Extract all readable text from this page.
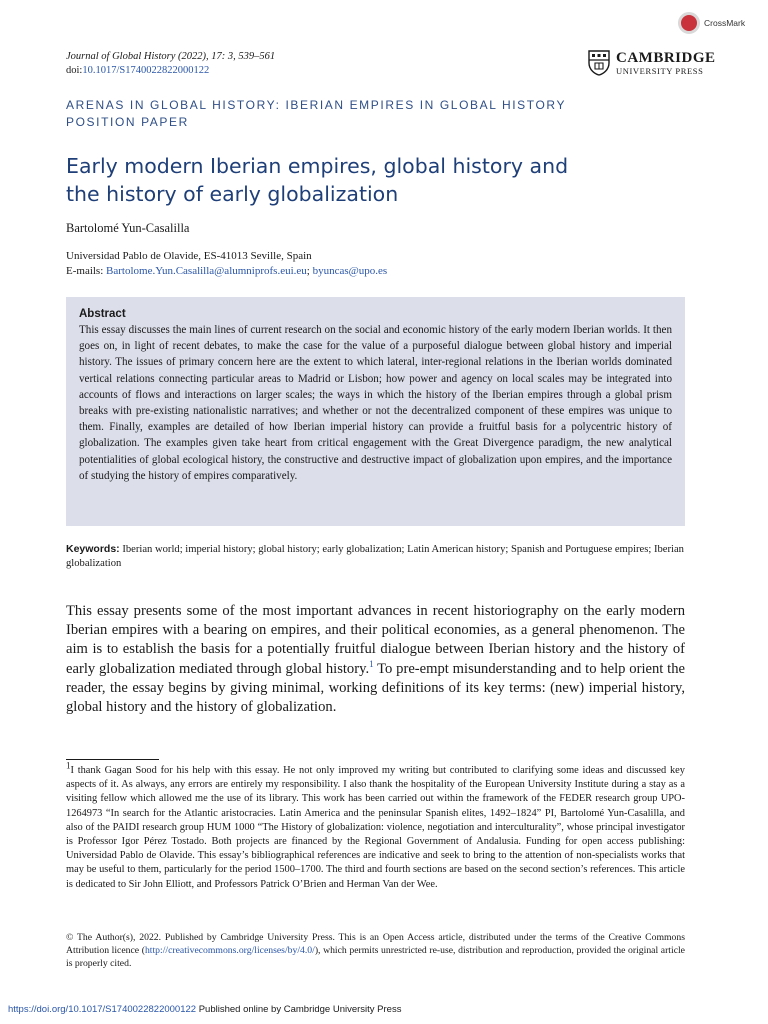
Journal of Global History (2022), 17: 3, 539–561
doi:10.1017/S1740022822000122
CrossMark
CAMBRIDGE
UNIVERSITY PRESS
ARENAS IN GLOBAL HISTORY: IBERIAN EMPIRES IN GLOBAL HISTORY
POSITION PAPER
Early modern Iberian empires, global history and
the history of early globalization
Bartolomé Yun-Casalilla
Universidad Pablo de Olavide, ES-41013 Seville, Spain
E-mails: Bartolome.Yun.Casalilla@alumniprofs.eui.eu; byuncas@upo.es
Abstract
This essay discusses the main lines of current research on the social and economic history of the early modern Iberian worlds. It then goes on, in light of recent debates, to make the case for the value of a purposeful dialogue between global history and imperial history. The issues of primary concern here are the extent to which lateral, inter-regional relations in the Iberian worlds dominated vertical relations connecting particular areas to Madrid or Lisbon; how power and agency on local scales may be integrated into accounts of flows and interactions on larger scales; the ways in which the history of the Iberian empires through a global prism breaks with pre-existing nationalistic narratives; and whether or not the decentralized component of these empires was unique to them. Finally, examples are detailed of how Iberian imperial history can provide a fruitful basis for a polycentric history of globalization. The examples given take heart from critical engagement with the Great Divergence paradigm, the new analytical potentialities of global ecological history, the constructive and destructive impact of globalization upon empires, and the importance of studying the history of empires comparatively.
Keywords: Iberian world; imperial history; global history; early globalization; Latin American history; Spanish and Portuguese empires; Iberian globalization

This essay presents some of the most important advances in recent historiography on the early modern Iberian empires with a bearing on empires, and their political economies, as a general phenomenon. The aim is to establish the basis for a potentially fruitful dialogue between Iberian history and the history of early globalization mediated through global history.$^1$ To pre-empt misunderstanding and to help orient the reader, the essay begins by giving minimal, working definitions of its key terms: (new) imperial history, global history and the history of globalization.

$^1$I thank Gagan Sood for his help with this essay. He not only improved my writing but contributed to clarifying some ideas and discussed key aspects of it. As always, any errors are entirely my responsibility. I also thank the hospitality of the European University Institute during a stay as a visiting fellow which allowed me the use of its library. This work has been carried out within the framework of the FEDER research group UPO-1264973 “In search for the Atlantic aristocracies. Latin America and the peninsular Spanish elites, 1492–1824” PI, Bartolomé Yun-Casalilla, and also of the PAIDI research group HUM 1000 “The History of globalization: violence, negotiation and interculturality”, whose principal investigator is Professor Igor Pérez Tostado. Both projects are financed by the Regional Government of Andalusia. Funding for open access publishing: Universidad Pablo de Olavide. This essay’s bibliographical references are indicative and seek to bring to the attention of non-specialists works that may be useful to them, particularly for the period 1500–1700. The third and fourth sections are based on the second section’s references. This article is dedicated to Sir John Elliott, and Professors Patrick O’Brien and Herman Van der Wee.
© The Author(s), 2022. Published by Cambridge University Press. This is an Open Access article, distributed under the terms of the Creative Commons Attribution licence (http://creativecommons.org/licenses/by/4.0/), which permits unrestricted re-use, distribution and reproduction, provided the original article is properly cited.
https://doi.org/10.1017/S1740022822000122 Published online by Cambridge University Press
